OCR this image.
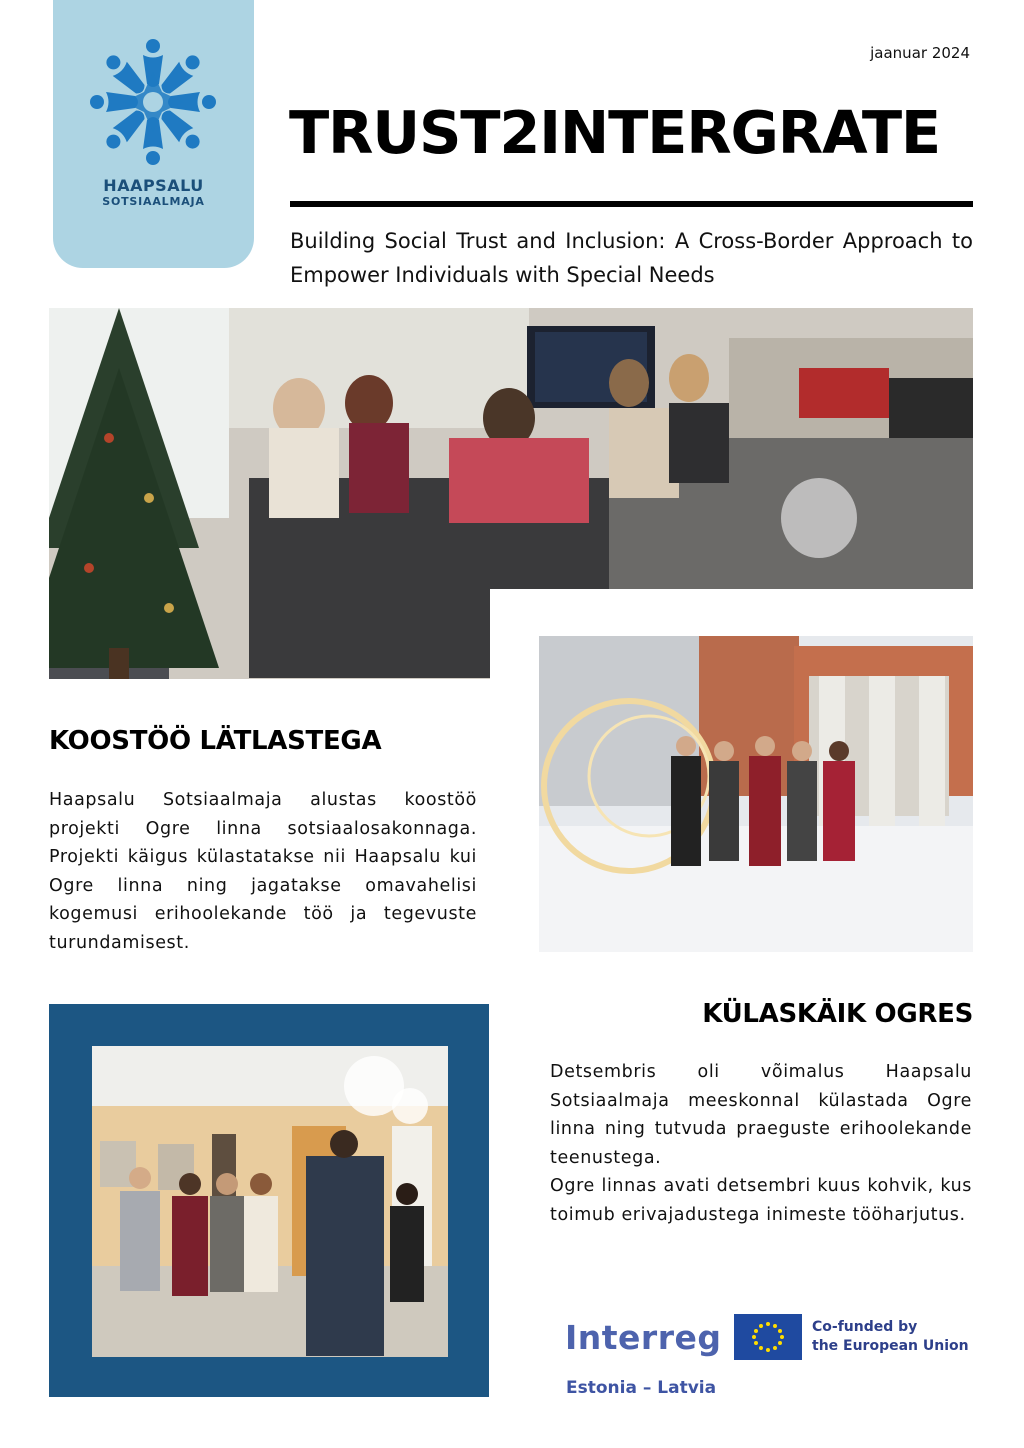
HAAPSALU
SOTSIAALMAJA
jaanuar 2024
TRUST2INTERGRATE
Building Social Trust and Inclusion: A Cross-Border Approach to Empower Individuals with Special Needs
KOOSTÖÖ LÄTLASTEGA

Haapsalu Sotsiaalmaja alustas koostöö projekti Ogre linna sotsiaalosakonnaga. Projekti käigus külastatakse nii Haapsalu kui Ogre linna ning jagatakse omavahelisi kogemusi erihoolekande töö ja tegevuste turundamisest.

KÜLASKÄIK OGRES

Detsembris oli võimalus Haapsalu Sotsiaalmaja meeskonnal külastada Ogre linna ning tutvuda praeguste erihoolekande teenustega.

Ogre linnas avati detsembri kuus kohvik, kus toimub erivajadustega inimeste tööharjutus.

Interreg
Estonia – Latvia
Co-funded by
the European Union
